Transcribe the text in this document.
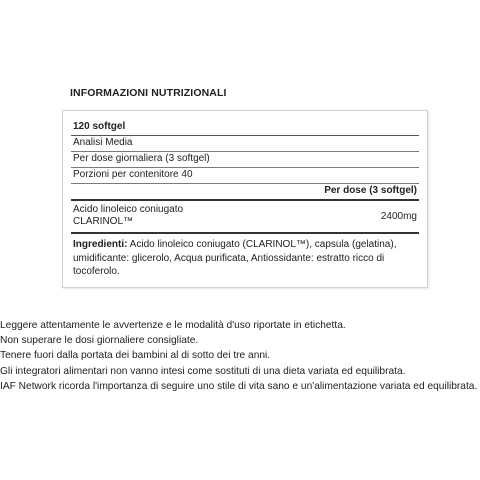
INFORMAZIONI NUTRIZIONALI
120 softgel
Analisi Media
Per dose giornaliera (3 softgel)
Porzioni per contenitore 40
Per dose (3 softgel)
Acido linoleico coniugato
CLARINOL™	2400mg
Ingredienti: Acido linoleico coniugato (CLARINOL™), capsula (gelatina), umidificante: glicerolo, Acqua purificata, Antiossidante: estratto ricco di tocoferolo.
Leggere attentamente le avvertenze e le modalità d'uso riportate in etichetta.
Non superare le dosi giornaliere consigliate.
Tenere fuori dalla portata dei bambini al di sotto dei tre anni.
Gli integratori alimentari non vanno intesi come sostituti di una dieta variata ed equilibrata.
IAF Network ricorda l'importanza di seguire uno stile di vita sano e un'alimentazione variata ed equilibrata.
